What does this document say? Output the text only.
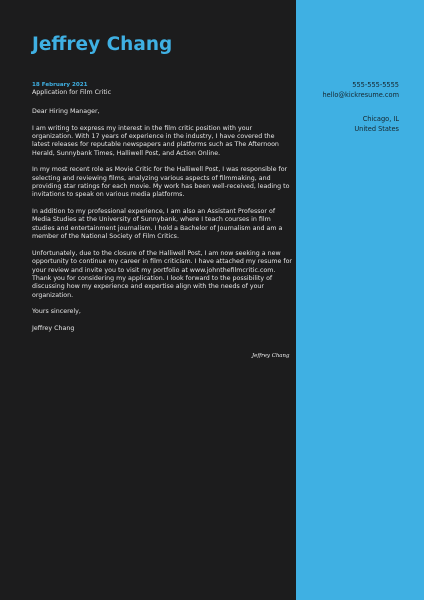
Jeffrey Chang
18 February 2021
Application for Film Critic
555-555-5555
hello@kickresume.com
Chicago, IL
United States

Dear Hiring Manager,

I am writing to express my interest in the film critic position with your organization. With 17 years of experience in the industry, I have covered the latest releases for reputable newspapers and platforms such as The Afternoon Herald, Sunnybank Times, Halliwell Post, and Action Online.

In my most recent role as Movie Critic for the Halliwell Post, I was responsible for selecting and reviewing films, analyzing various aspects of filmmaking, and providing star ratings for each movie. My work has been well-received, leading to invitations to speak on various media platforms.

In addition to my professional experience, I am also an Assistant Professor of Media Studies at the University of Sunnybank, where I teach courses in film studies and entertainment journalism. I hold a Bachelor of Journalism and am a member of the National Society of Film Critics.

Unfortunately, due to the closure of the Halliwell Post, I am now seeking a new opportunity to continue my career in film criticism. I have attached my resume for your review and invite you to visit my portfolio at www.johnthefilmcritic.com. Thank you for considering my application. I look forward to the possibility of discussing how my experience and expertise align with the needs of your organization.

Yours sincerely,

Jeffrey Chang

Jeffrey Chang
